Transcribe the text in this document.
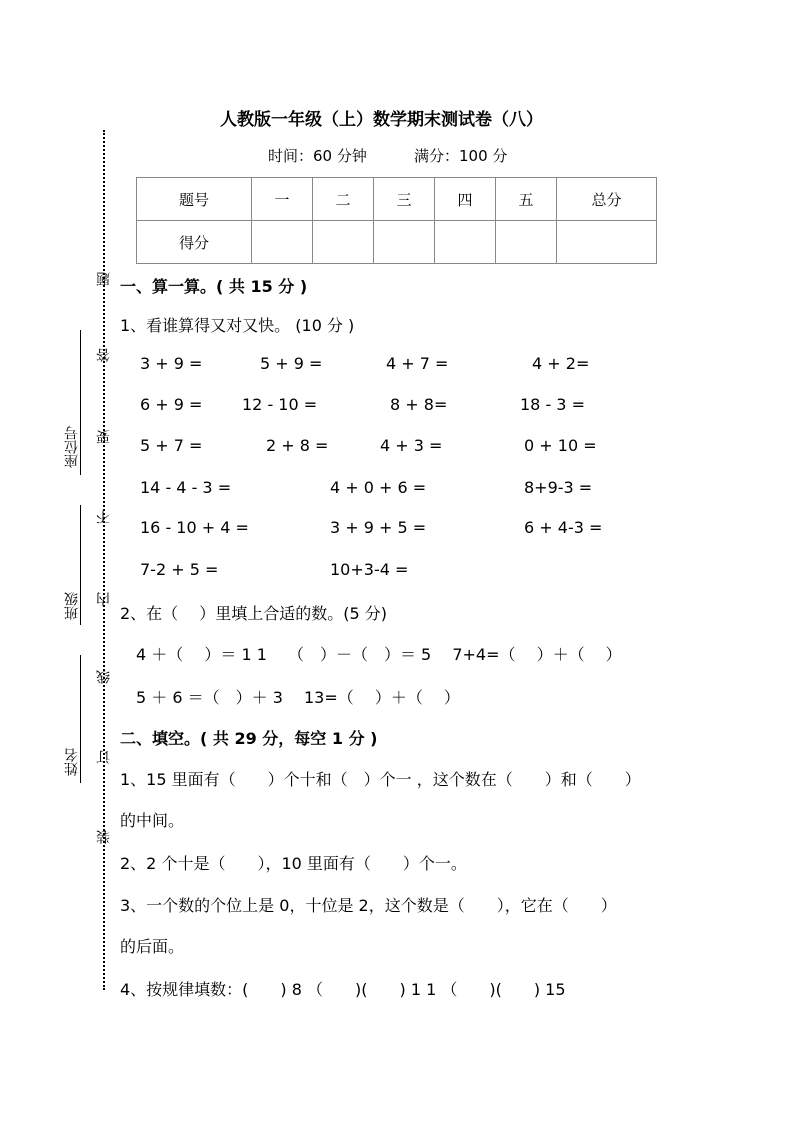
座位号
班级
姓名
题
答
要
不
内
线
订
装
人教版一年级（上）数学期末测试卷（八）
时间：60 分钟	满分：100 分
题号	一	二	三	四	五	总分
得分						
一、算一算。( 共 15 分 )
1、看谁算得又对又快。 (10 分 )
3 + 9 =	5 + 9 =	4 + 7 =	4 + 2=
6 + 9 = 12 - 10 =	8 + 8=	18 - 3 =
5 + 7 =	2 + 8 =	4 + 3 =	0 + 10 =
14 - 4 - 3 =	4 + 0 + 6 =	8+9-3 =
16 - 10 + 4 =	3 + 9 + 5 =	6 + 4-3 =
7-2 + 5 =	10+3-4 =
2、在（　 ）里填上合适的数。(5 分)
4 ＋（　 ）＝ 1 1　 （　）－（　）＝ 5　 7+4=（　 ）＋（　 ）
5 ＋ 6 ＝（　）＋ 3　 13=（　 ）＋（　 ）
二、填空。( 共 29 分，每空 1 分 )
1、15 里面有（　　）个十和（　）个一 ，这个数在（　　）和（　　）
的中间。
2、2 个十是（　　），10 里面有（　　）个一。
3、一个数的个位上是 0，十位是 2，这个数是（　　），它在（　　）
的后面。
4、按规律填数：(　　) 8 （　　)(　　) 1 1 （　　)(　　) 15
